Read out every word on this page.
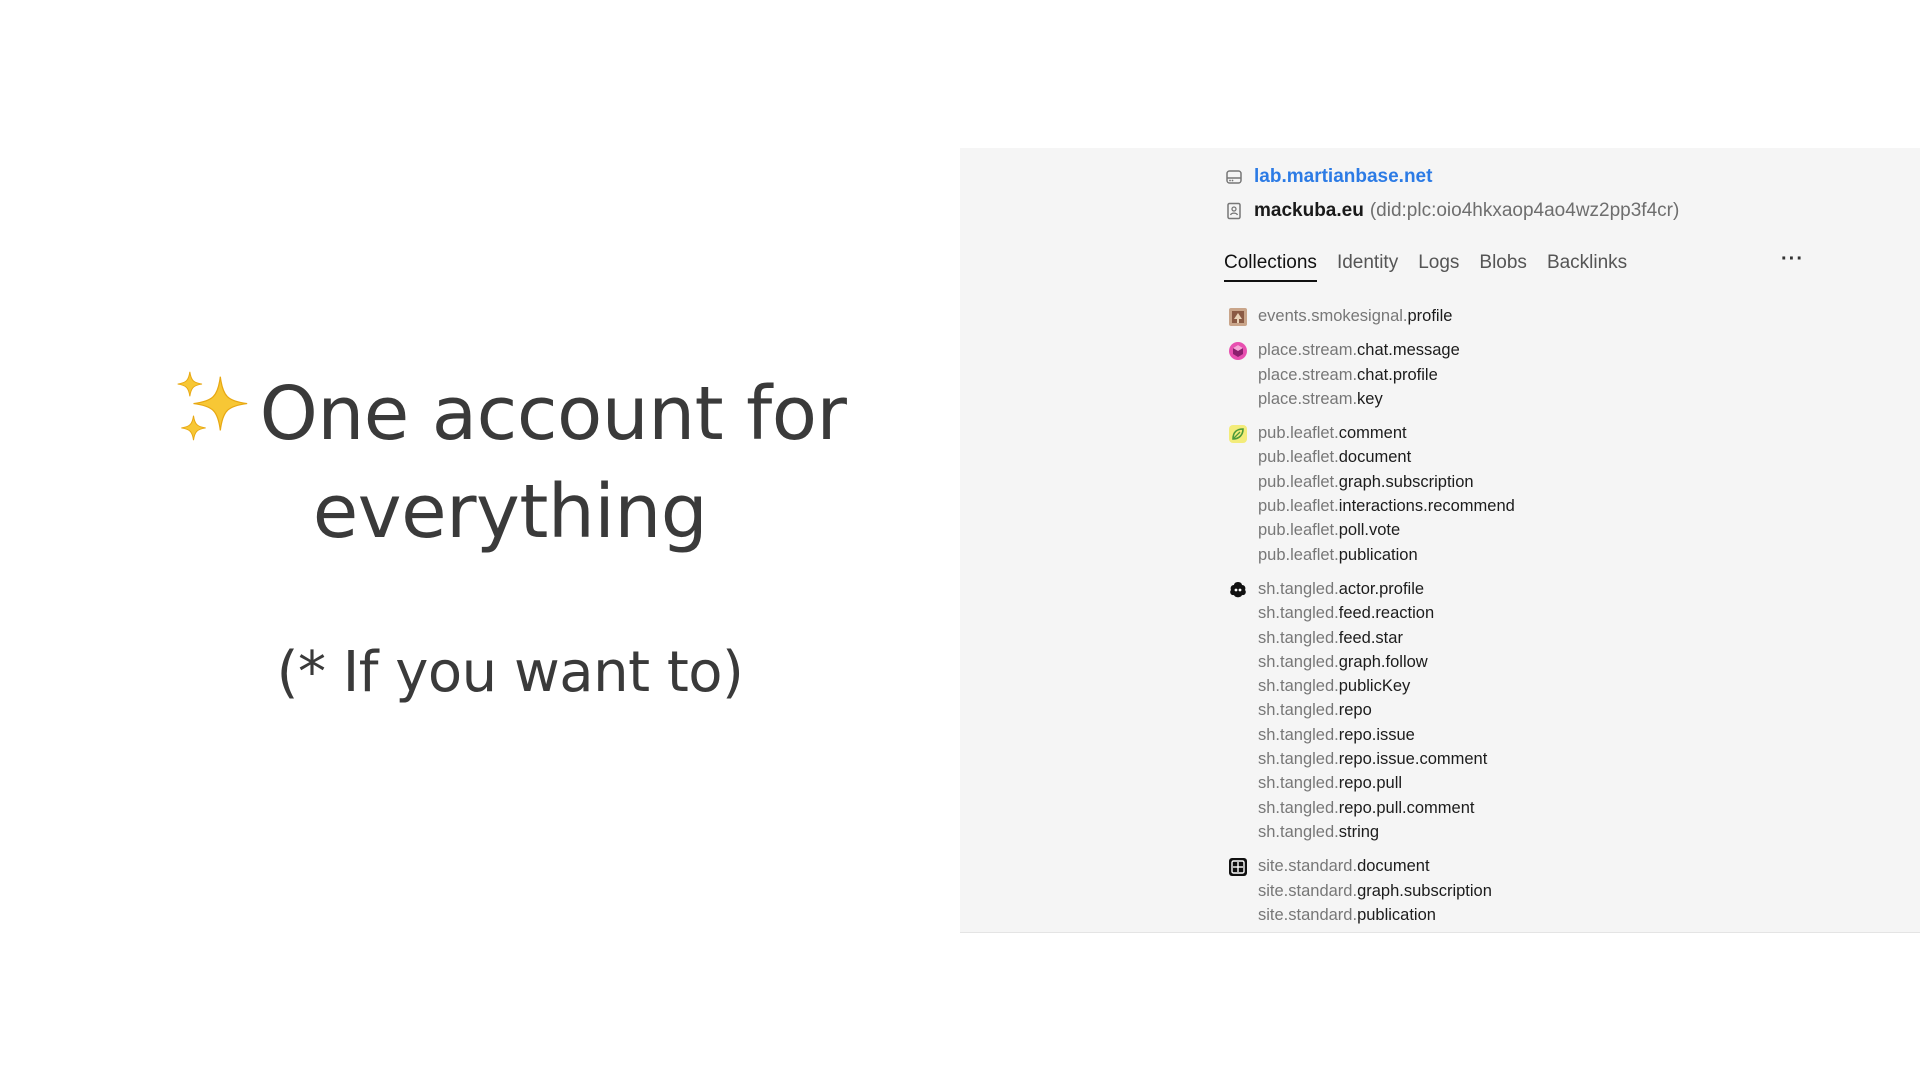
One account for
everything
(* If you want to)
lab.martianbase.net
mackuba.eu (did:plc:oio4hkxaop4ao4wz2pp3f4cr)
Collections Identity Logs Blobs Backlinks	···
events.smokesignal.profile
place.stream.chat.message
place.stream.chat.profile
place.stream.key
pub.leaflet.comment
pub.leaflet.document
pub.leaflet.graph.subscription
pub.leaflet.interactions.recommend
pub.leaflet.poll.vote
pub.leaflet.publication
sh.tangled.actor.profile
sh.tangled.feed.reaction
sh.tangled.feed.star
sh.tangled.graph.follow
sh.tangled.publicKey
sh.tangled.repo
sh.tangled.repo.issue
sh.tangled.repo.issue.comment
sh.tangled.repo.pull
sh.tangled.repo.pull.comment
sh.tangled.string
site.standard.document
site.standard.graph.subscription
site.standard.publication
